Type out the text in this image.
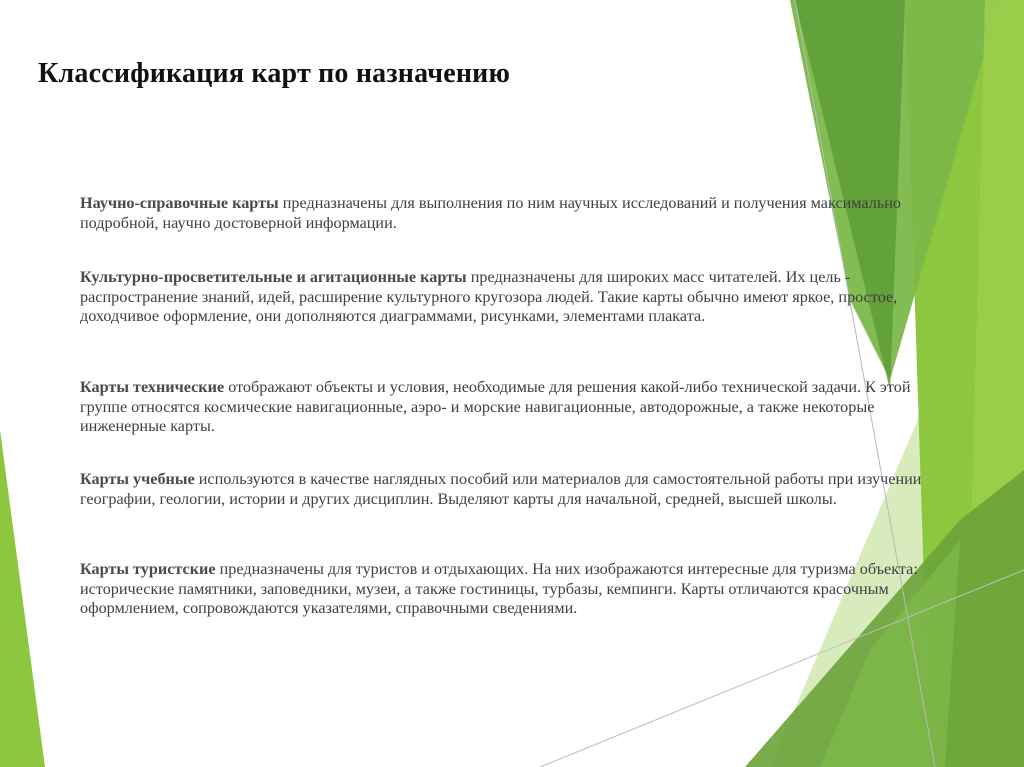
Классификация карт по назначению

Научно-справочные карты предназначены для выполнения по ним научных исследований и получения максимально подробной, научно достоверной информации.

Культурно-просветительные и агитационные карты предназначены для широких масс читателей. Их цель - распространение знаний, идей, расширение культурного кругозора людей. Такие карты обычно имеют яркое, простое, доходчивое оформление, они дополняются диаграммами, рисунками, элементами плаката.

Карты технические отображают объекты и условия, необходимые для решения какой-либо технической задачи. К этой группе относятся космические навигационные, аэро- и морские навигационные, автодорожные, а также некоторые инженерные карты.

Карты учебные используются в качестве наглядных пособий или материалов для самостоятельной работы при изучении географии, геологии, истории и других дисциплин. Выделяют карты для начальной, средней, высшей школы.

Карты туристские предназначены для туристов и отдыхающих. На них изображаются интересные для туризма объекта: исторические памятники, заповедники, музеи, а также гостиницы, турбазы, кемпинги. Карты отличаются красочным оформлением, сопровождаются указателями, справочными сведениями.
